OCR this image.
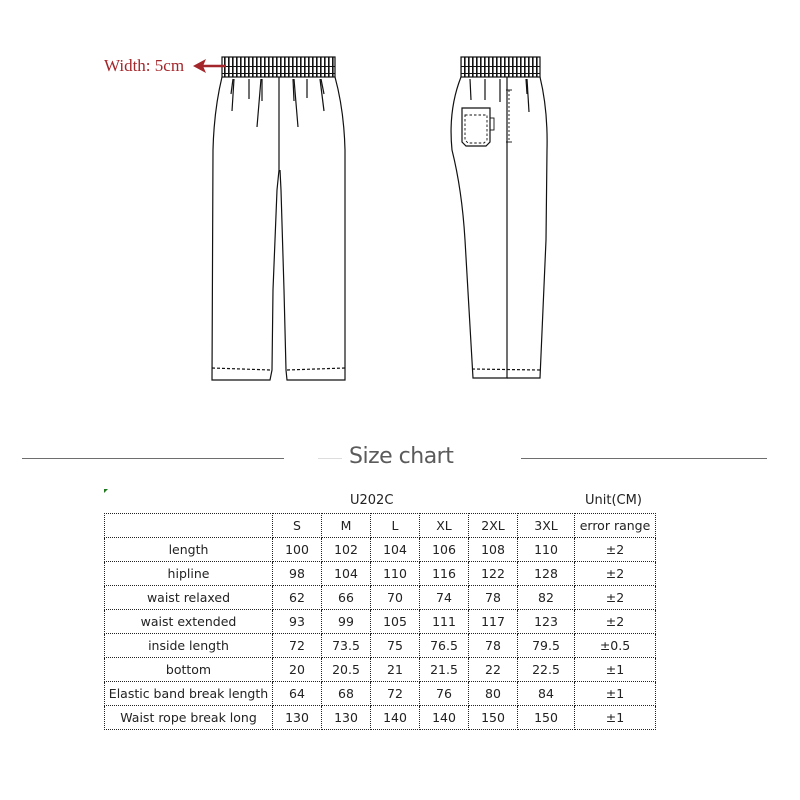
Width: 5cm
Size chart
U202C	Unit(CM)
	S	M	L	XL	2XL	3XL	error range
length	100	102	104	106	108	110	±2
hipline	98	104	110	116	122	128	±2
waist relaxed	62	66	70	74	78	82	±2
waist extended	93	99	105	111	117	123	±2
inside length	72	73.5	75	76.5	78	79.5	±0.5
bottom	20	20.5	21	21.5	22	22.5	±1
Elastic band break length	64	68	72	76	80	84	±1
Waist rope break long	130	130	140	140	150	150	±1
